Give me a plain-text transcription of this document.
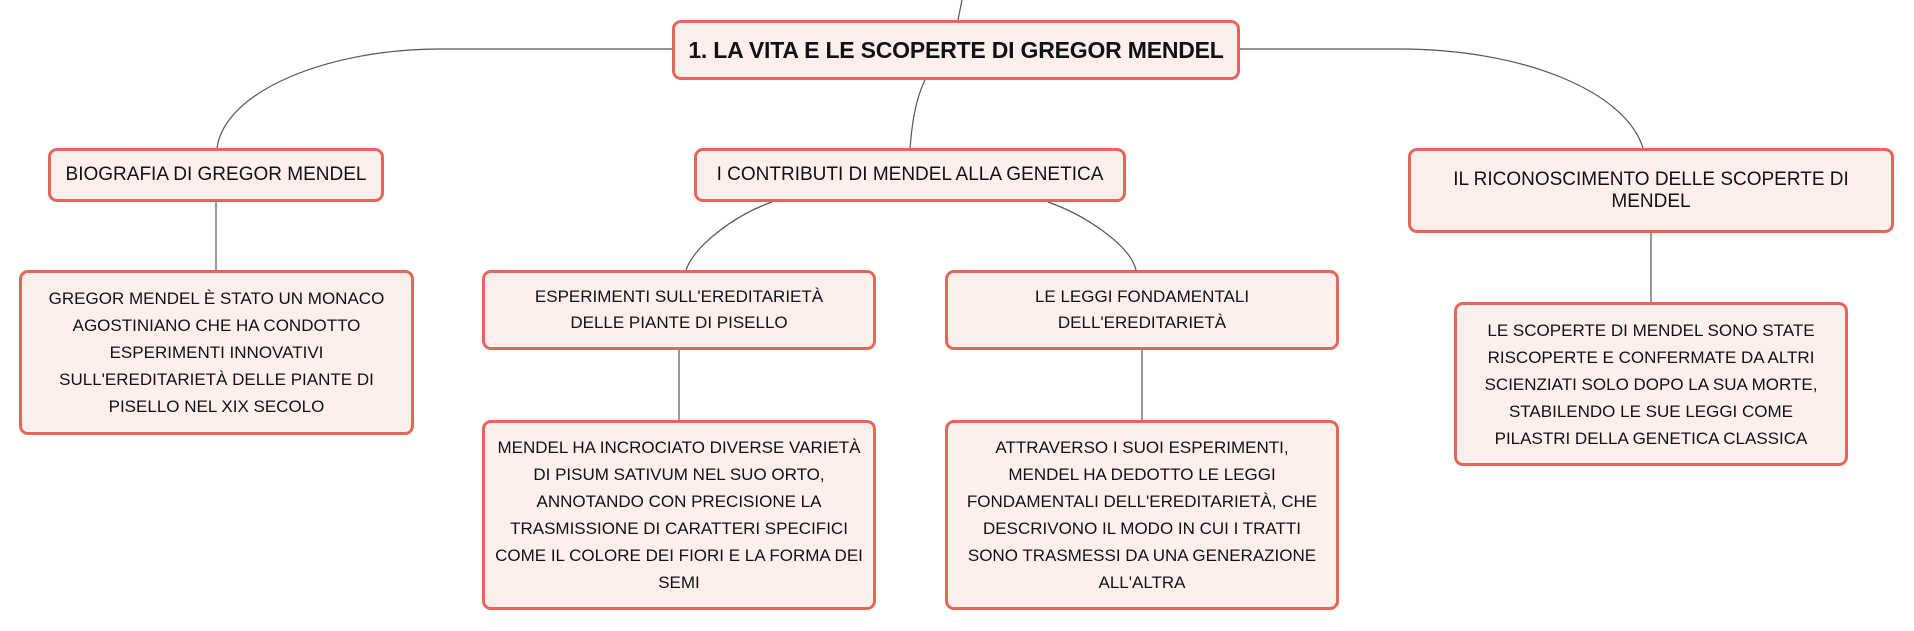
1. LA VITA E LE SCOPERTE DI GREGOR MENDEL
BIOGRAFIA DI GREGOR MENDEL	I CONTRIBUTI DI MENDEL ALLA GENETICA	IL RICONOSCIMENTO DELLE SCOPERTE DI MENDEL
GREGOR MENDEL È STATO UN MONACO AGOSTINIANO CHE HA CONDOTTO ESPERIMENTI INNOVATIVI SULL'EREDITARIETÀ DELLE PIANTE DI PISELLO NEL XIX SECOLO
ESPERIMENTI SULL'EREDITARIETÀ DELLE PIANTE DI PISELLO
LE LEGGI FONDAMENTALI DELL'EREDITARIETÀ
MENDEL HA INCROCIATO DIVERSE VARIETÀ DI PISUM SATIVUM NEL SUO ORTO, ANNOTANDO CON PRECISIONE LA TRASMISSIONE DI CARATTERI SPECIFICI COME IL COLORE DEI FIORI E LA FORMA DEI SEMI
ATTRAVERSO I SUOI ESPERIMENTI, MENDEL HA DEDOTTO LE LEGGI FONDAMENTALI DELL'EREDITARIETÀ, CHE DESCRIVONO IL MODO IN CUI I TRATTI SONO TRASMESSI DA UNA GENERAZIONE ALL'ALTRA
LE SCOPERTE DI MENDEL SONO STATE RISCOPERTE E CONFERMATE DA ALTRI SCIENZIATI SOLO DOPO LA SUA MORTE, STABILENDO LE SUE LEGGI COME PILASTRI DELLA GENETICA CLASSICA
